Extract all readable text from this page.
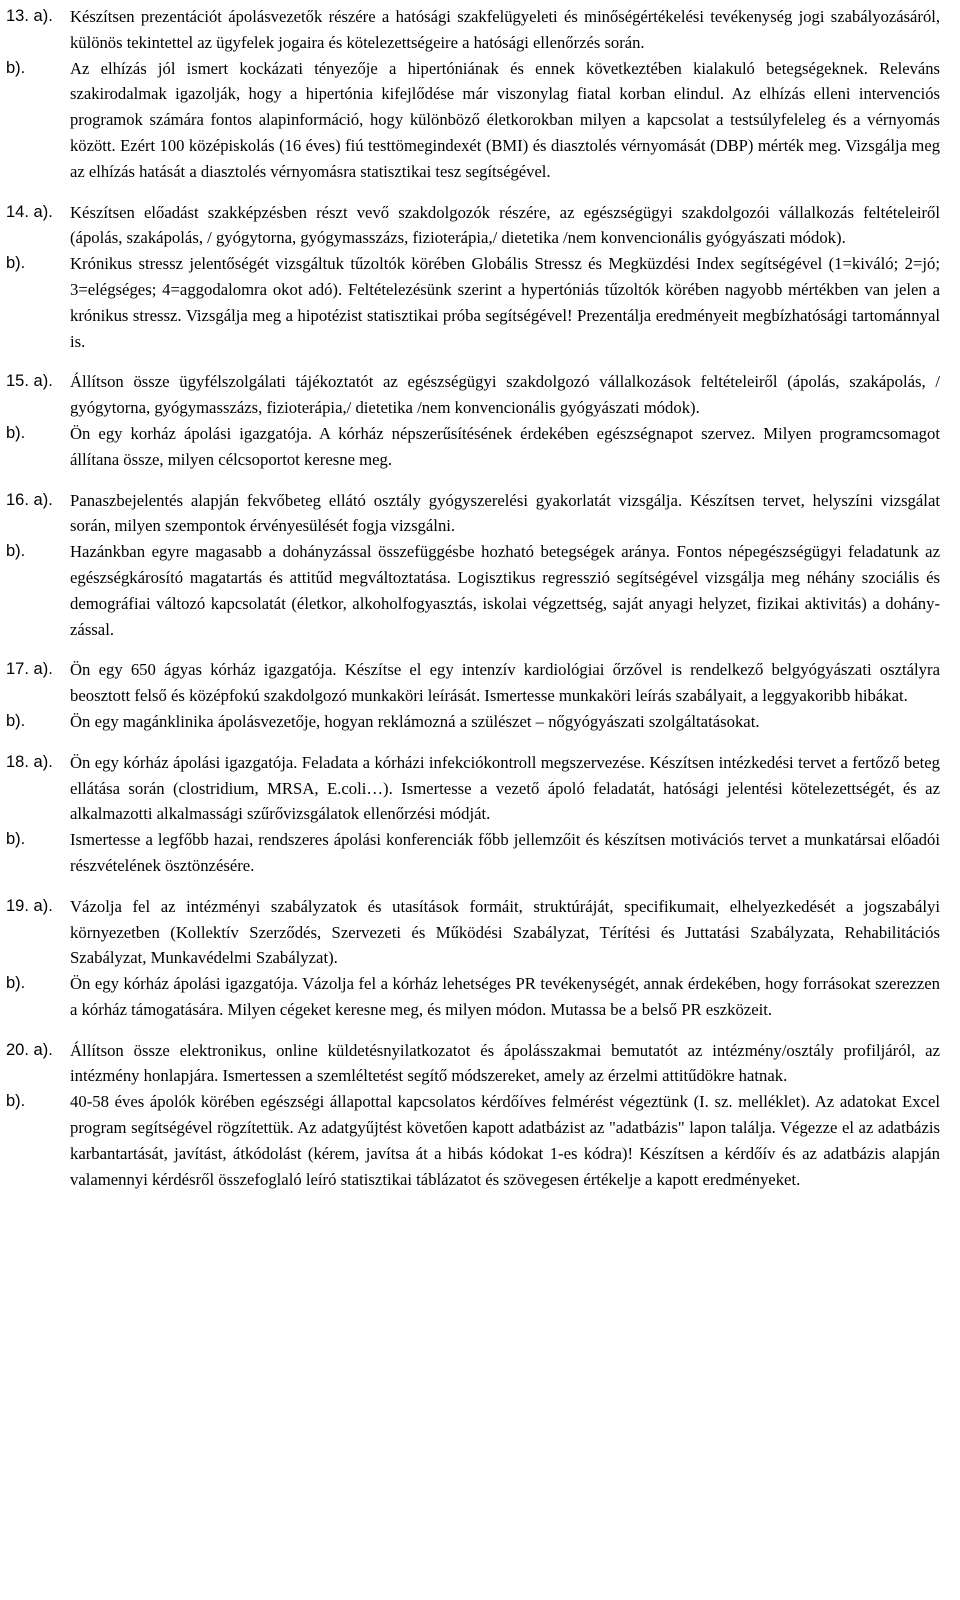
13. a).	Készítsen prezentációt ápolásvezetők részére a hatósági szakfelügyeleti és minőségértékelési tevékenység jogi szabályozásáról, különös tekintettel az ügyfelek jogaira és kötelezettségeire a hatósági ellenőrzés során.
b).	Az elhízás jól ismert kockázati tényezője a hipertóniának és ennek következtében kialakuló betegségeknek. Releváns szakirodalmak igazolják, hogy a hipertónia kifejlődése már viszonylag fiatal korban elindul. Az elhízás elleni intervenciós programok számára fontos alapinformáció, hogy különböző életkorokban milyen a kapcsolat a testsúlyfeleleg és a vérnyomás között. Ezért 100 középiskolás (16 éves) fiú testtömegindexét (BMI) és diasztolés vérnyomását (DBP) mérték meg. Vizsgálja meg az elhízás hatását a diasztolés vérnyomásra statisztikai tesz segítségével.
14. a).	Készítsen előadást szakképzésben részt vevő szakdolgozók részére, az egészségügyi szakdolgozói vállalkozás feltételeiről (ápolás, szakápolás, / gyógytorna, gyógymasszázs, fizioterápia,/ dietetika /nem konvencionális gyógyászati módok).
b).	Krónikus stressz jelentőségét vizsgáltuk tűzoltók körében Globális Stressz és Megküzdési Index segítségével (1=kiváló; 2=jó; 3=elégséges; 4=aggodalomra okot adó). Feltételezésünk szerint a hypertóniás tűzoltók körében nagyobb mértékben van jelen a krónikus stressz. Vizsgálja meg a hipotézist statisztikai próba segítségével! Prezentálja eredményeit megbízhatósági tartománnyal is.
15. a).	Állítson össze ügyfélszolgálati tájékoztatót az egészségügyi szakdolgozó vállalkozások feltételeiről (ápolás, szakápolás, / gyógytorna, gyógymasszázs, fizioterápia,/ dietetika /nem konvencionális gyógyászati módok).
b).	Ön egy korház ápolási igazgatója. A kórház népszerűsítésének érdekében egészségnapot szervez. Milyen programcsomagot állítana össze, milyen célcsoportot keresne meg.
16. a).	Panaszbejelentés alapján fekvőbeteg ellátó osztály gyógyszerelési gyakorlatát vizsgálja. Készítsen tervet, helyszíni vizsgálat során, milyen szempontok érvényesülését fogja vizsgálni.
b).	Hazánkban egyre magasabb a dohányzással összefüggésbe hozható betegségek aránya. Fontos népegészségügyi feladatunk az egészségkárosító magatartás és attitűd megváltoztatása. Logisztikus regresszió segítségével vizsgálja meg néhány szociális és demográfiai változó kapcsolatát (életkor, alkoholfogyasztás, iskolai végzettség, saját anyagi helyzet, fizikai aktivitás) a dohányzással.
17. a).	Ön egy 650 ágyas kórház igazgatója. Készítse el egy intenzív kardiológiai őrzővel is rendelkező belgyógyászati osztályra beosztott felső és középfokú szakdolgozó munkaköri leírását. Ismertesse munkaköri leírás szabályait, a leggyakoribb hibákat.
b).	Ön egy magánklinika ápolásvezetője, hogyan reklámozná a szülészet – nőgyógyászati szolgáltatásokat.
18. a).	Ön egy kórház ápolási igazgatója. Feladata a kórházi infekciókontroll megszervezése. Készítsen intézkedési tervet a fertőző beteg ellátása során (clostridium, MRSA, E.coli…). Ismertesse a vezető ápoló feladatát, hatósági jelentési kötelezettségét, és az alkalmazotti alkalmassági szűrővizsgálatok ellenőrzési módját.
b).	Ismertesse a legfőbb hazai, rendszeres ápolási konferenciák főbb jellemzőit és készítsen motivációs tervet a munkatársai előadói részvételének ösztönzésére.
19. a).	Vázolja fel az intézményi szabályzatok és utasítások formáit, struktúráját, specifikumait, elhelyezkedését a jogszabályi környezetben (Kollektív Szerződés, Szervezeti és Működési Szabályzat, Térítési és Juttatási Szabályzata, Rehabilitációs Szabályzat, Munkavédelmi Szabályzat).
b).	Ön egy kórház ápolási igazgatója. Vázolja fel a kórház lehetséges PR tevékenységét, annak érdekében, hogy forrásokat szerezzen a kórház támogatására. Milyen cégeket keresne meg, és milyen módon. Mutassa be a belső PR eszközeit.
20. a).	Állítson össze elektronikus, online küldetésnyilatkozatot és ápolásszakmai bemutatót az intézmény/osztály profiljáról, az intézmény honlapjára. Ismertessen a szemléltetést segítő módszereket, amely az érzelmi attitűdökre hatnak.
b).	40-58 éves ápolók körében egészségi állapottal kapcsolatos kérdőíves felmérést végeztünk (I. sz. melléklet). Az adatokat Excel program segítségével rögzítettük. Az adatgyűjtést követően kapott adatbázist az "adatbázis" lapon találja. Végezze el az adatbázis karbantartását, javítást, átkódolást (kérem, javítsa át a hibás kódokat 1-es kódra)! Készítsen a kérdőív és az adatbázis alapján valamennyi kérdésről összefoglaló leíró statisztikai táblázatot és szövegesen értékelje a kapott eredményeket.
